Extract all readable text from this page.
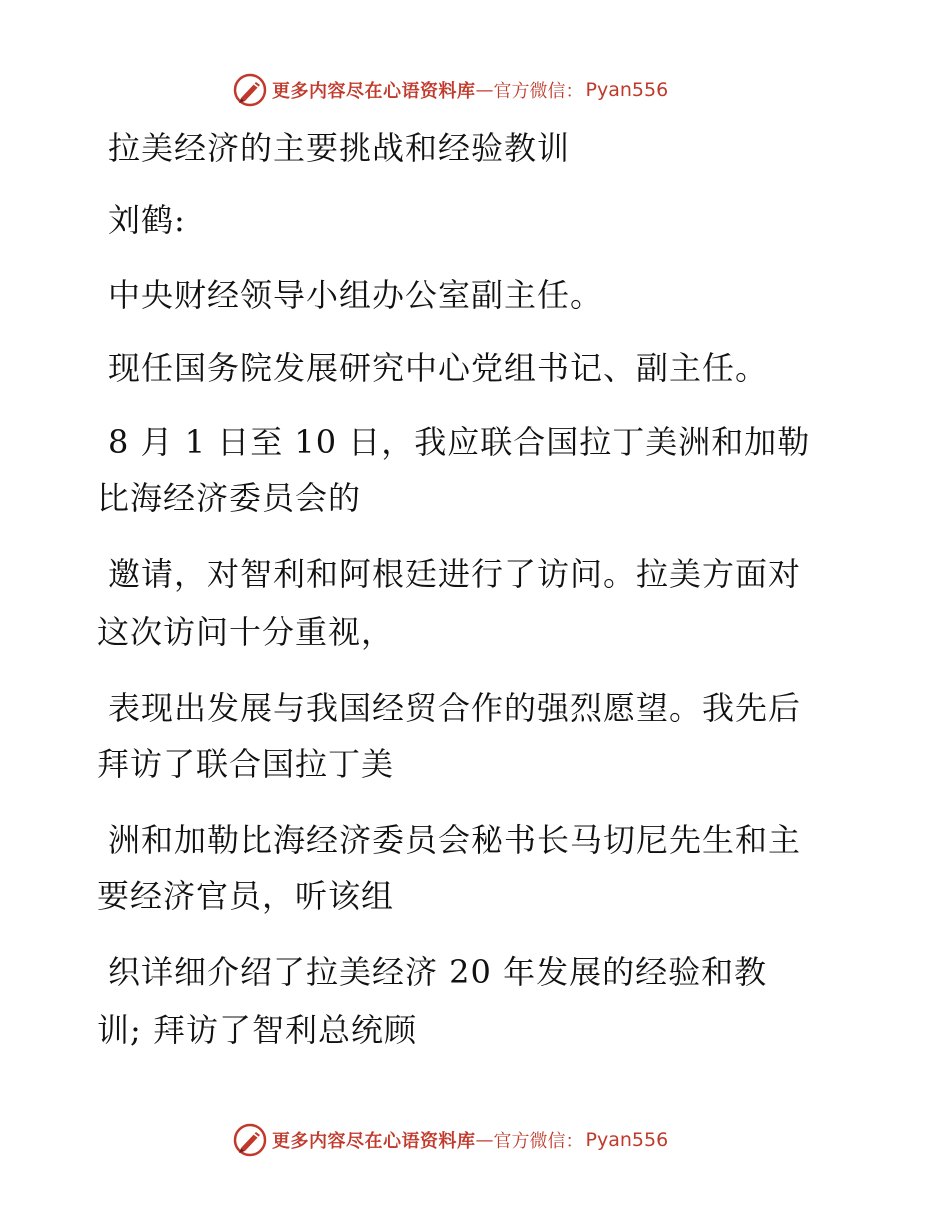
更多内容尽在心语资料库 — 官方微信： Pyan556
拉美经济的主要挑战和经验教训
刘鹤:
中央财经领导小组办公室副主任。
现任国务院发展研究中心党组书记、副主任。
8 月 1 日至 10 日，我应联合国拉丁美洲和加勒
比海经济委员会的
邀请，对智利和阿根廷进行了访问。拉美方面对
这次访问十分重视，
表现出发展与我国经贸合作的强烈愿望。我先后
拜访了联合国拉丁美
洲和加勒比海经济委员会秘书长马切尼先生和主
要经济官员，听该组
织详细介绍了拉美经济 20 年发展的经验和教
训; 拜访了智利总统顾
更多内容尽在心语资料库 — 官方微信： Pyan556
